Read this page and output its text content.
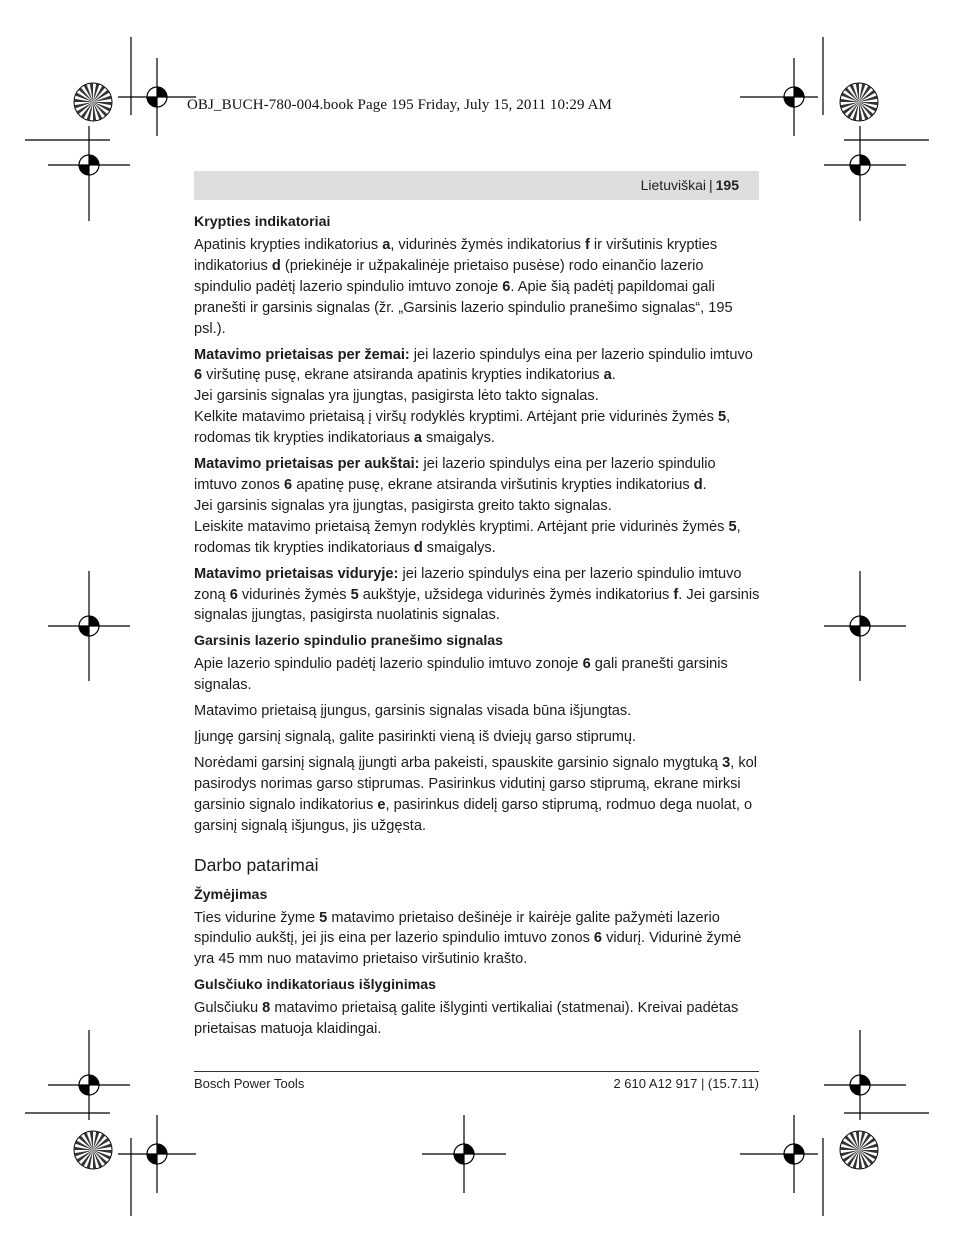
OBJ_BUCH-780-004.book Page 195 Friday, July 15, 2011 10:29 AM
Lietuviškai | 195
Krypties indikatoriai

Apatinis krypties indikatorius a, vidurinės žymės indikatorius f ir viršutinis krypties indikatorius d (priekinėje ir užpakalinėje prietaiso pusėse) rodo einančio lazerio spindulio padėtį lazerio spindulio imtuvo zonoje 6. Apie šią padėtį papildomai gali pranešti ir garsinis signalas (žr. „Garsinis lazerio spindulio pranešimo signalas“, 195 psl.).

Matavimo prietaisas per žemai: jei lazerio spindulys eina per lazerio spindulio imtuvo 6 viršutinę pusę, ekrane atsiranda apatinis krypties indikatorius a.
Jei garsinis signalas yra įjungtas, pasigirsta lėto takto signalas.
Kelkite matavimo prietaisą į viršų rodyklės kryptimi. Artėjant prie vidurinės žymės 5, rodomas tik krypties indikatoriaus a smaigalys.

Matavimo prietaisas per aukštai: jei lazerio spindulys eina per lazerio spindulio imtuvo zonos 6 apatinę pusę, ekrane atsiranda viršutinis krypties indikatorius d.
Jei garsinis signalas yra įjungtas, pasigirsta greito takto signalas.
Leiskite matavimo prietaisą žemyn rodyklės kryptimi. Artėjant prie vidurinės žymės 5, rodomas tik krypties indikatoriaus d smaigalys.

Matavimo prietaisas viduryje: jei lazerio spindulys eina per lazerio spindulio imtuvo zoną 6 vidurinės žymės 5 aukštyje, užsidega vidurinės žymės indikatorius f. Jei garsinis signalas įjungtas, pasigirsta nuolatinis signalas.

Garsinis lazerio spindulio pranešimo signalas

Apie lazerio spindulio padėtį lazerio spindulio imtuvo zonoje 6 gali pranešti garsinis signalas.

Matavimo prietaisą įjungus, garsinis signalas visada būna išjungtas.

Įjungę garsinį signalą, galite pasirinkti vieną iš dviejų garso stiprumų.

Norėdami garsinį signalą įjungti arba pakeisti, spauskite garsinio signalo mygtuką 3, kol pasirodys norimas garso stiprumas. Pasirinkus vidutinį garso stiprumą, ekrane mirksi garsinio signalo indikatorius e, pasirinkus didelį garso stiprumą, rodmuo dega nuolat, o garsinį signalą išjungus, jis užgęsta.

Darbo patarimai
Žymėjimas

Ties vidurine žyme 5 matavimo prietaiso dešinėje ir kairėje galite pažymėti lazerio spindulio aukštį, jei jis eina per lazerio spindulio imtuvo zonos 6 vidurį. Vidurinė žymė yra 45 mm nuo matavimo prietaiso viršutinio krašto.

Gulsčiuko indikatoriaus išlyginimas

Gulsčiuku 8 matavimo prietaisą galite išlyginti vertikaliai (statmenai). Kreivai padėtas prietaisas matuoja klaidingai.

Bosch Power Tools	2 610 A12 917 | (15.7.11)
